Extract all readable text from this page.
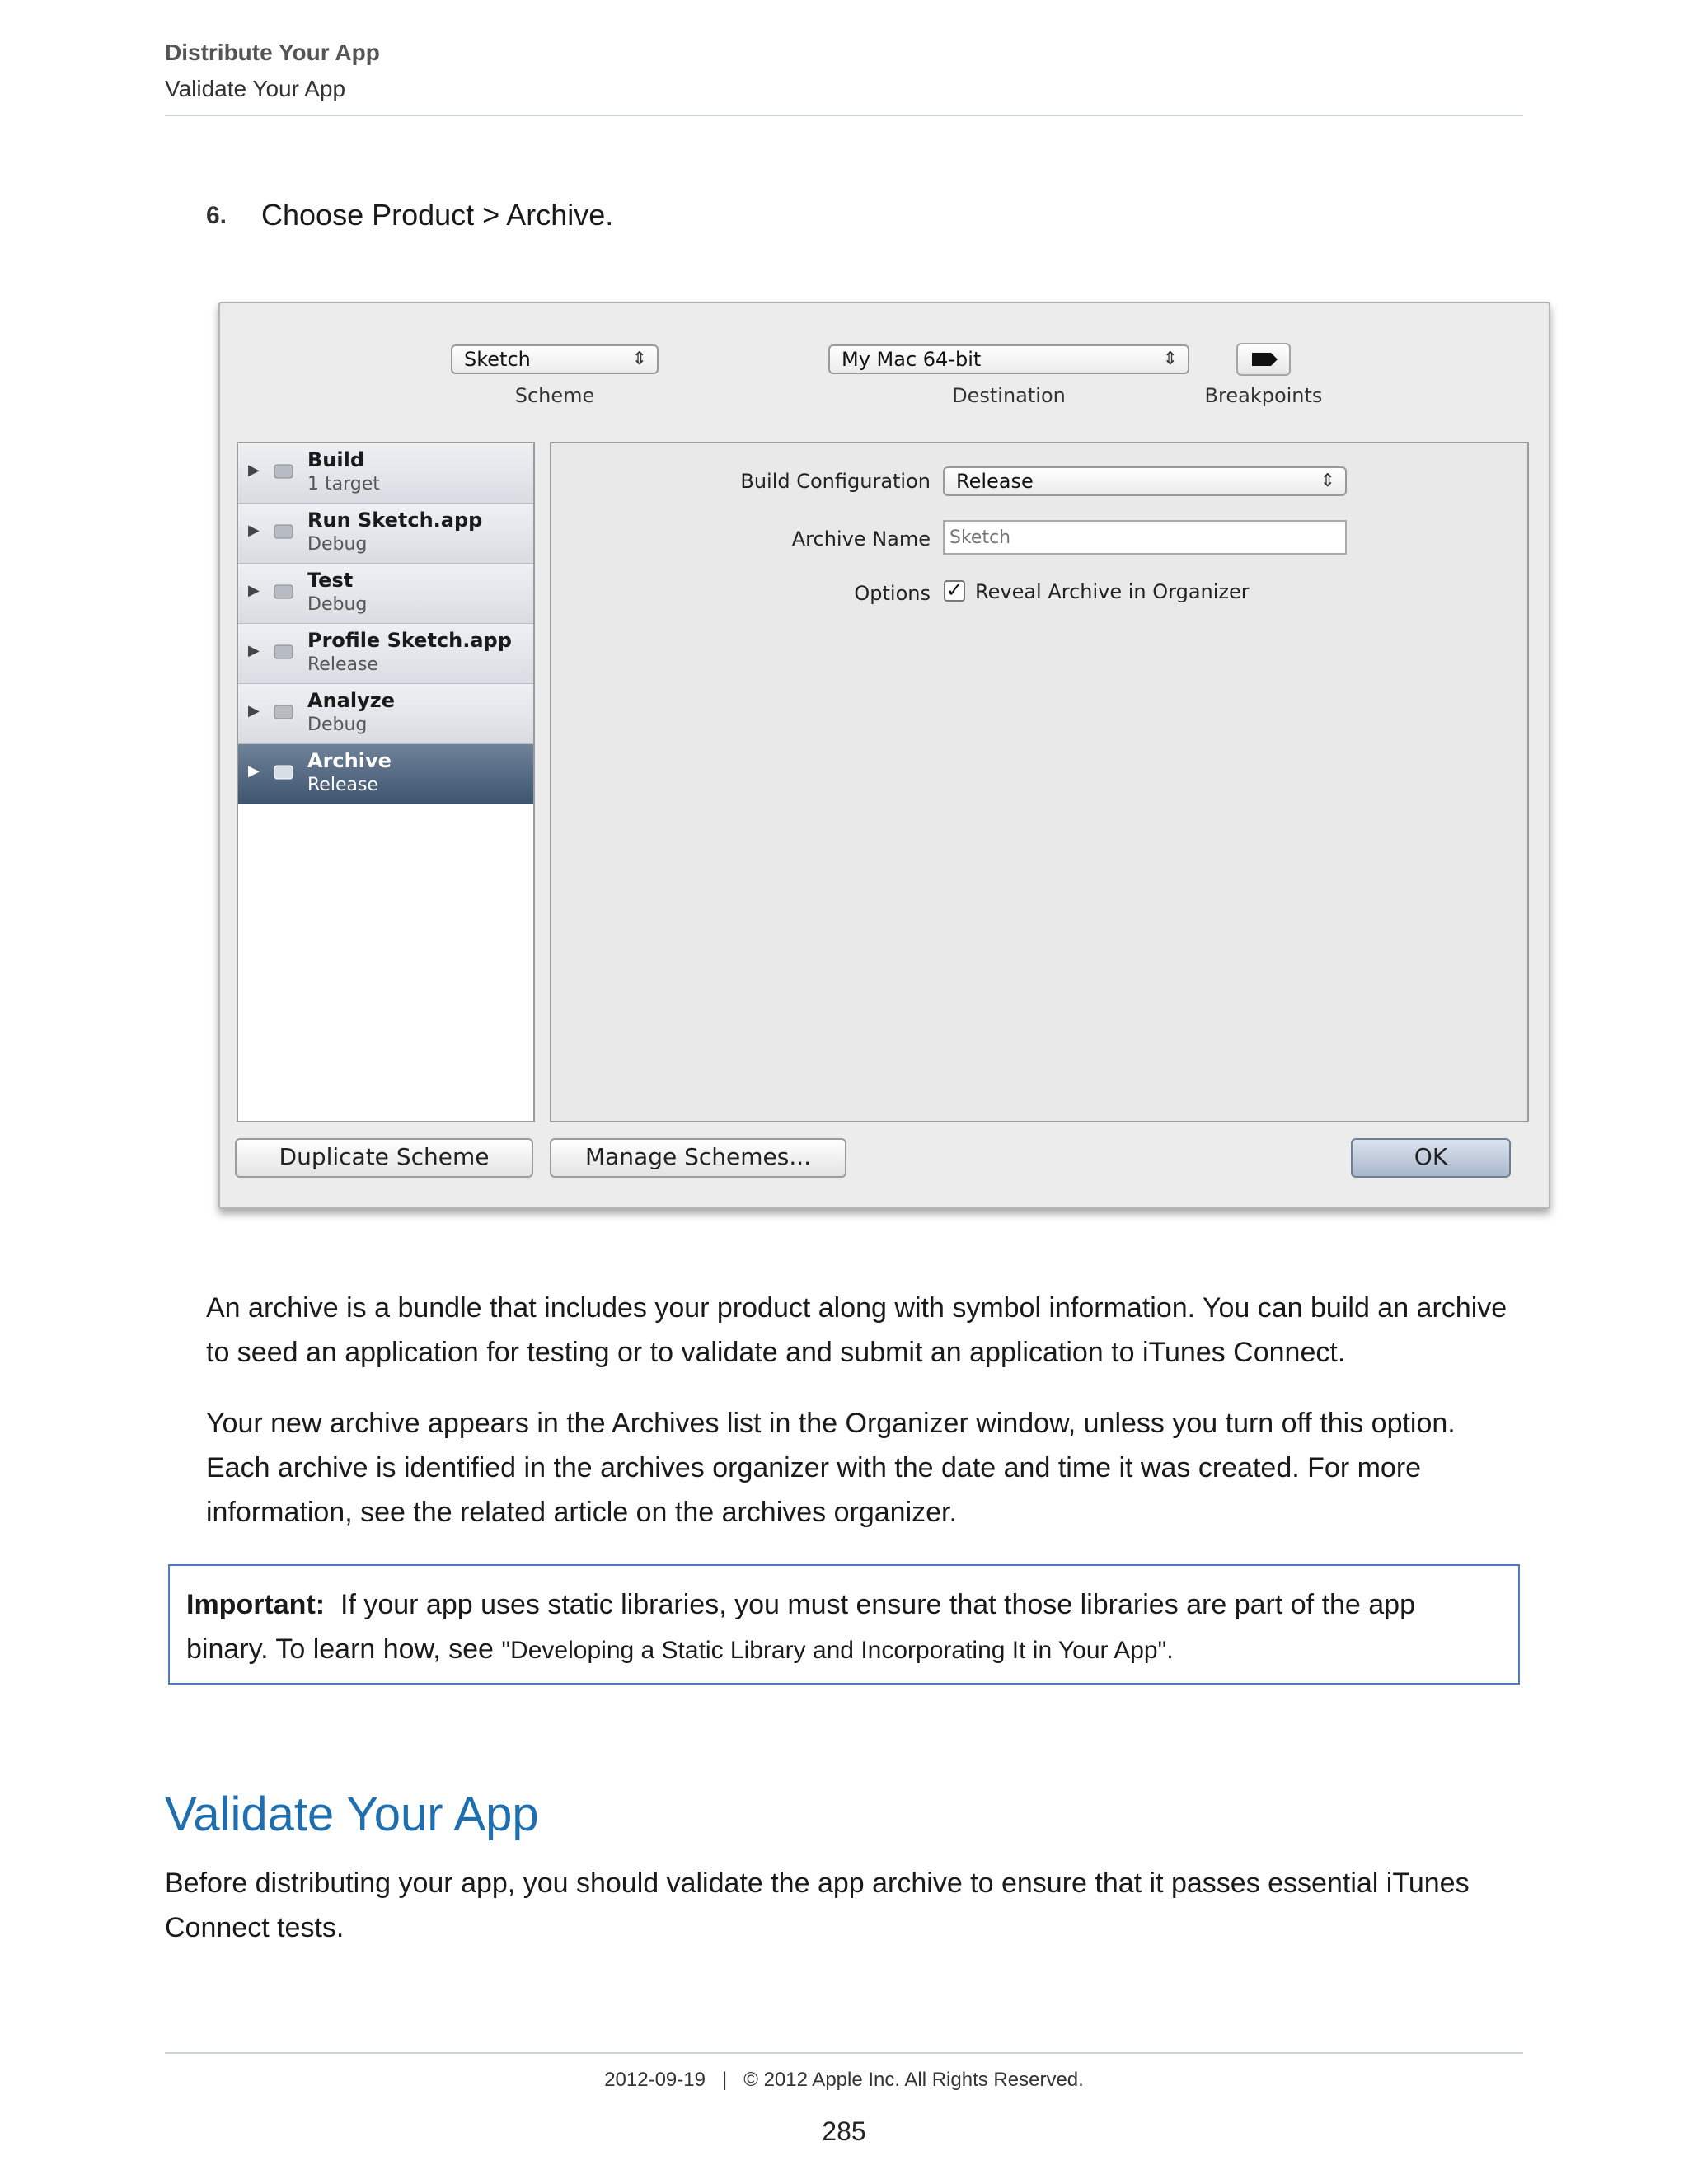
Distribute Your App
Validate Your App
6. Choose Product > Archive.
Sketch	⇕
Scheme
My Mac 64-bit	⇕
Destination	Breakpoints
▶ Build
1 target
▶ Run Sketch.app
Debug
▶ Test
Debug
▶ Profile Sketch.app
Release
▶ Analyze
Debug
▶ Archive
Release
Build Configuration	Release	⇕
Archive Name
Sketch
Options ✓ Reveal Archive in Organizer
Duplicate Scheme	Manage Schemes...	OK

An archive is a bundle that includes your product along with symbol information. You can build an archive to seed an application for testing or to validate and submit an application to iTunes Connect.

Your new archive appears in the Archives list in the Organizer window, unless you turn off this option. Each archive is identified in the archives organizer with the date and time it was created. For more information, see the related article on the archives organizer.

Important: If your app uses static libraries, you must ensure that those libraries are part of the app binary. To learn how, see "Developing a Static Library and Incorporating It in Your App".
Validate Your App

Before distributing your app, you should validate the app archive to ensure that it passes essential iTunes Connect tests.

2012-09-19 | © 2012 Apple Inc. All Rights Reserved.
285
